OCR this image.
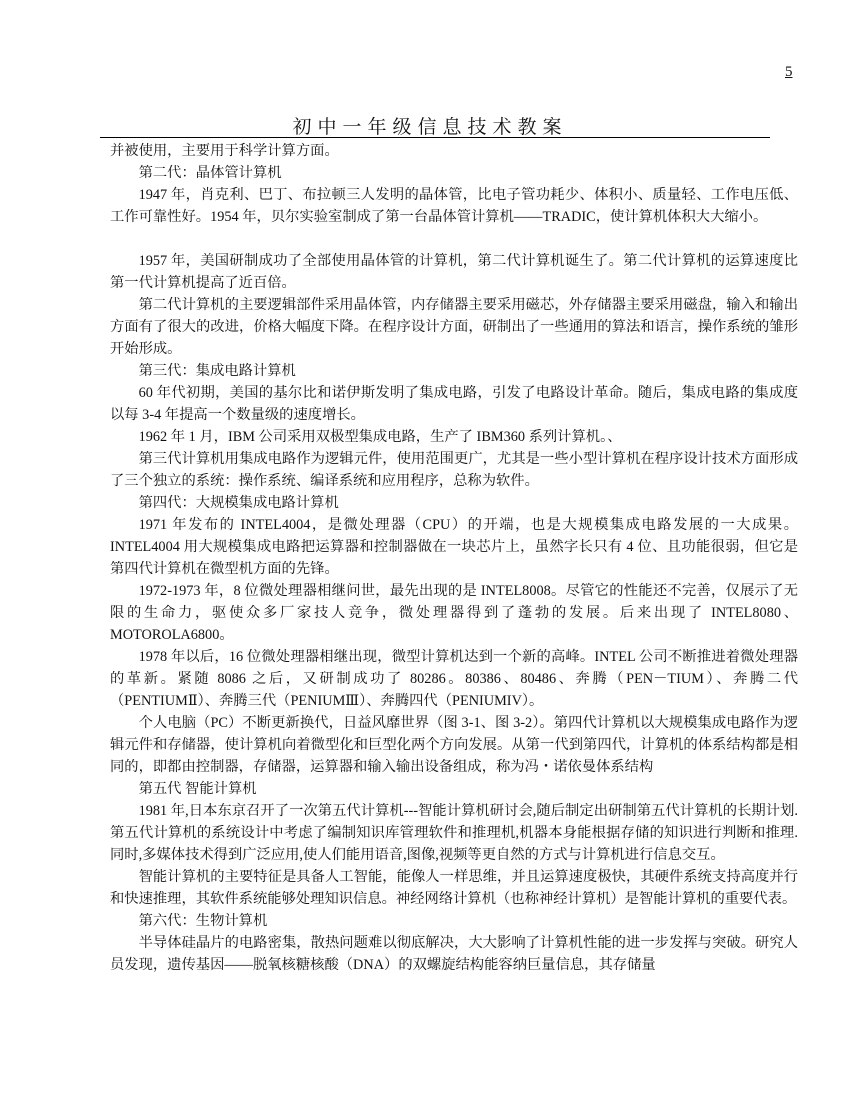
5
初中一年级信息技术教案

并被使用，主要用于科学计算方面。

第二代：晶体管计算机

1947 年，肖克利、巴丁、布拉顿三人发明的晶体管，比电子管功耗少、体积小、质量轻、工作电压低、工作可靠性好。1954 年，贝尔实验室制成了第一台晶体管计算机——TRADIC，使计算机体积大大缩小。

1957 年，美国研制成功了全部使用晶体管的计算机，第二代计算机诞生了。第二代计算机的运算速度比第一代计算机提高了近百倍。

第二代计算机的主要逻辑部件采用晶体管，内存储器主要采用磁芯，外存储器主要采用磁盘，输入和输出方面有了很大的改进，价格大幅度下降。在程序设计方面，研制出了一些通用的算法和语言，操作系统的雏形开始形成。

第三代：集成电路计算机

60 年代初期，美国的基尔比和诺伊斯发明了集成电路，引发了电路设计革命。随后，集成电路的集成度以每 3-4 年提高一个数量级的速度增长。

1962 年 1 月，IBM 公司采用双极型集成电路，生产了 IBM360 系列计算机。、

第三代计算机用集成电路作为逻辑元件，使用范围更广，尤其是一些小型计算机在程序设计技术方面形成了三个独立的系统：操作系统、编译系统和应用程序，总称为软件。

第四代：大规模集成电路计算机

1971 年发布的 INTEL4004，是微处理器（CPU）的开端，也是大规模集成电路发展的一大成果。INTEL4004 用大规模集成电路把运算器和控制器做在一块芯片上，虽然字长只有 4 位、且功能很弱，但它是第四代计算机在微型机方面的先锋。

1972-1973 年，8 位微处理器相继问世，最先出现的是 INTEL8008。尽管它的性能还不完善，仅展示了无限的生命力，驱使众多厂家技人竞争，微处理器得到了蓬勃的发展。后来出现了 INTEL8080、MOTOROLA6800。

1978 年以后，16 位微处理器相继出现，微型计算机达到一个新的高峰。INTEL 公司不断推进着微处理器的革新。紧随 8086 之后，又研制成功了 80286。80386、80486、奔腾（PEN－TIUM）、奔腾二代（PENTIUMⅡ）、奔腾三代（PENIUMⅢ）、奔腾四代（PENIUMIV）。

个人电脑（PC）不断更新换代，日益风靡世界（图 3-1、图 3-2）。第四代计算机以大规模集成电路作为逻辑元件和存储器，使计算机向着微型化和巨型化两个方向发展。从第一代到第四代，计算机的体系结构都是相同的，即都由控制器，存储器，运算器和输入输出设备组成，称为冯・诺依曼体系结构

第五代 智能计算机

1981 年,日本东京召开了一次第五代计算机---智能计算机研讨会,随后制定出研制第五代计算机的长期计划.第五代计算机的系统设计中考虑了编制知识库管理软件和推理机,机器本身能根据存储的知识进行判断和推理.同时,多媒体技术得到广泛应用,使人们能用语音,图像,视频等更自然的方式与计算机进行信息交互。

智能计算机的主要特征是具备人工智能，能像人一样思维，并且运算速度极快，其硬件系统支持高度并行和快速推理，其软件系统能够处理知识信息。神经网络计算机（也称神经计算机）是智能计算机的重要代表。

第六代：生物计算机

半导体硅晶片的电路密集，散热问题难以彻底解决，大大影响了计算机性能的进一步发挥与突破。研究人员发现，遗传基因——脱氧核糖核酸（DNA）的双螺旋结构能容纳巨量信息，其存储量
